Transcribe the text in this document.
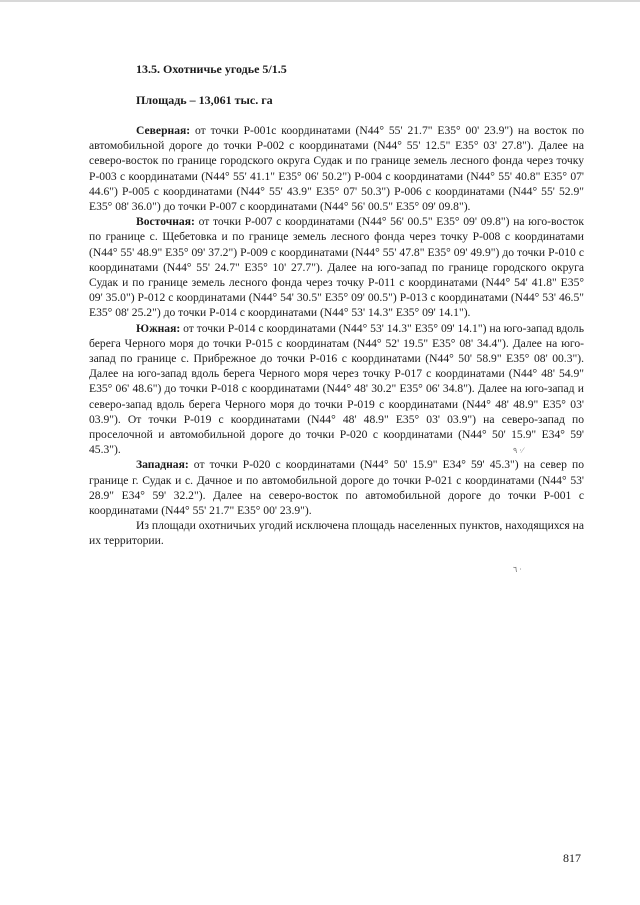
13.5. Охотничье угодье 5/1.5
Площадь – 13,061 тыс. га

Северная: от точки Р-001с координатами (N44° 55' 21.7" E35° 00' 23.9") на восток по автомобильной дороге до точки Р-002 с координатами (N44° 55' 12.5" E35° 03' 27.8"). Далее на северо-восток по границе городского округа Судак и по границе земель лесного фонда через точку Р-003 с координатами (N44° 55' 41.1" E35° 06' 50.2") Р-004 с координатами (N44° 55' 40.8" E35° 07' 44.6") Р-005 с координатами (N44° 55' 43.9" E35° 07' 50.3") Р-006 с координатами (N44° 55' 52.9" E35° 08' 36.0") до точки Р-007 с координатами (N44° 56' 00.5" E35° 09' 09.8").

Восточная: от точки Р-007 с координатами (N44° 56' 00.5" E35° 09' 09.8") на юго-восток по границе с. Щебетовка и по границе земель лесного фонда через точку Р-008 с координатами (N44° 55' 48.9" E35° 09' 37.2") Р-009 с координатами (N44° 55' 47.8" E35° 09' 49.9") до точки Р-010 с координатами (N44° 55' 24.7" E35° 10' 27.7"). Далее на юго-запад по границе городского округа Судак и по границе земель лесного фонда через точку Р-011 с координатами (N44° 54' 41.8" E35° 09' 35.0") Р-012 с координатами (N44° 54' 30.5" E35° 09' 00.5") Р-013 с координатами (N44° 53' 46.5" E35° 08' 25.2") до точки Р-014 с координатами (N44° 53' 14.3" E35° 09' 14.1").

Южная: от точки Р-014 с координатами (N44° 53' 14.3" E35° 09' 14.1") на юго-запад вдоль берега Черного моря до точки Р-015 с координатам (N44° 52' 19.5" E35° 08' 34.4"). Далее на юго-запад по границе с. Прибрежное до точки Р-016 с координатами (N44° 50' 58.9" E35° 08' 00.3"). Далее на юго-запад вдоль берега Черного моря через точку Р-017 с координатами (N44° 48' 54.9" E35° 06' 48.6") до точки Р-018 с координатами (N44° 48' 30.2" E35° 06' 34.8"). Далее на юго-запад и северо-запад вдоль берега Черного моря до точки Р-019 с координатами (N44° 48' 48.9" E35° 03' 03.9"). От точки Р-019 с координатами (N44° 48' 48.9" E35° 03' 03.9") на северо-запад по проселочной и автомобильной дороге до точки Р-020 с координатами (N44° 50' 15.9" E34° 59' 45.3").

Западная: от точки Р-020 с координатами (N44° 50' 15.9" E34° 59' 45.3") на север по границе г. Судак и с. Дачное и по автомобильной дороге до точки Р-021 с координатами (N44° 53' 28.9" E34° 59' 32.2"). Далее на северо-восток по автомобильной дороге до точки Р-001 с координатами (N44° 55' 21.7" E35° 00' 23.9").

Из площади охотничьих угодий исключена площадь населенных пунктов, находящихся на их территории.

٩ ·⁄
٦ ·
817
